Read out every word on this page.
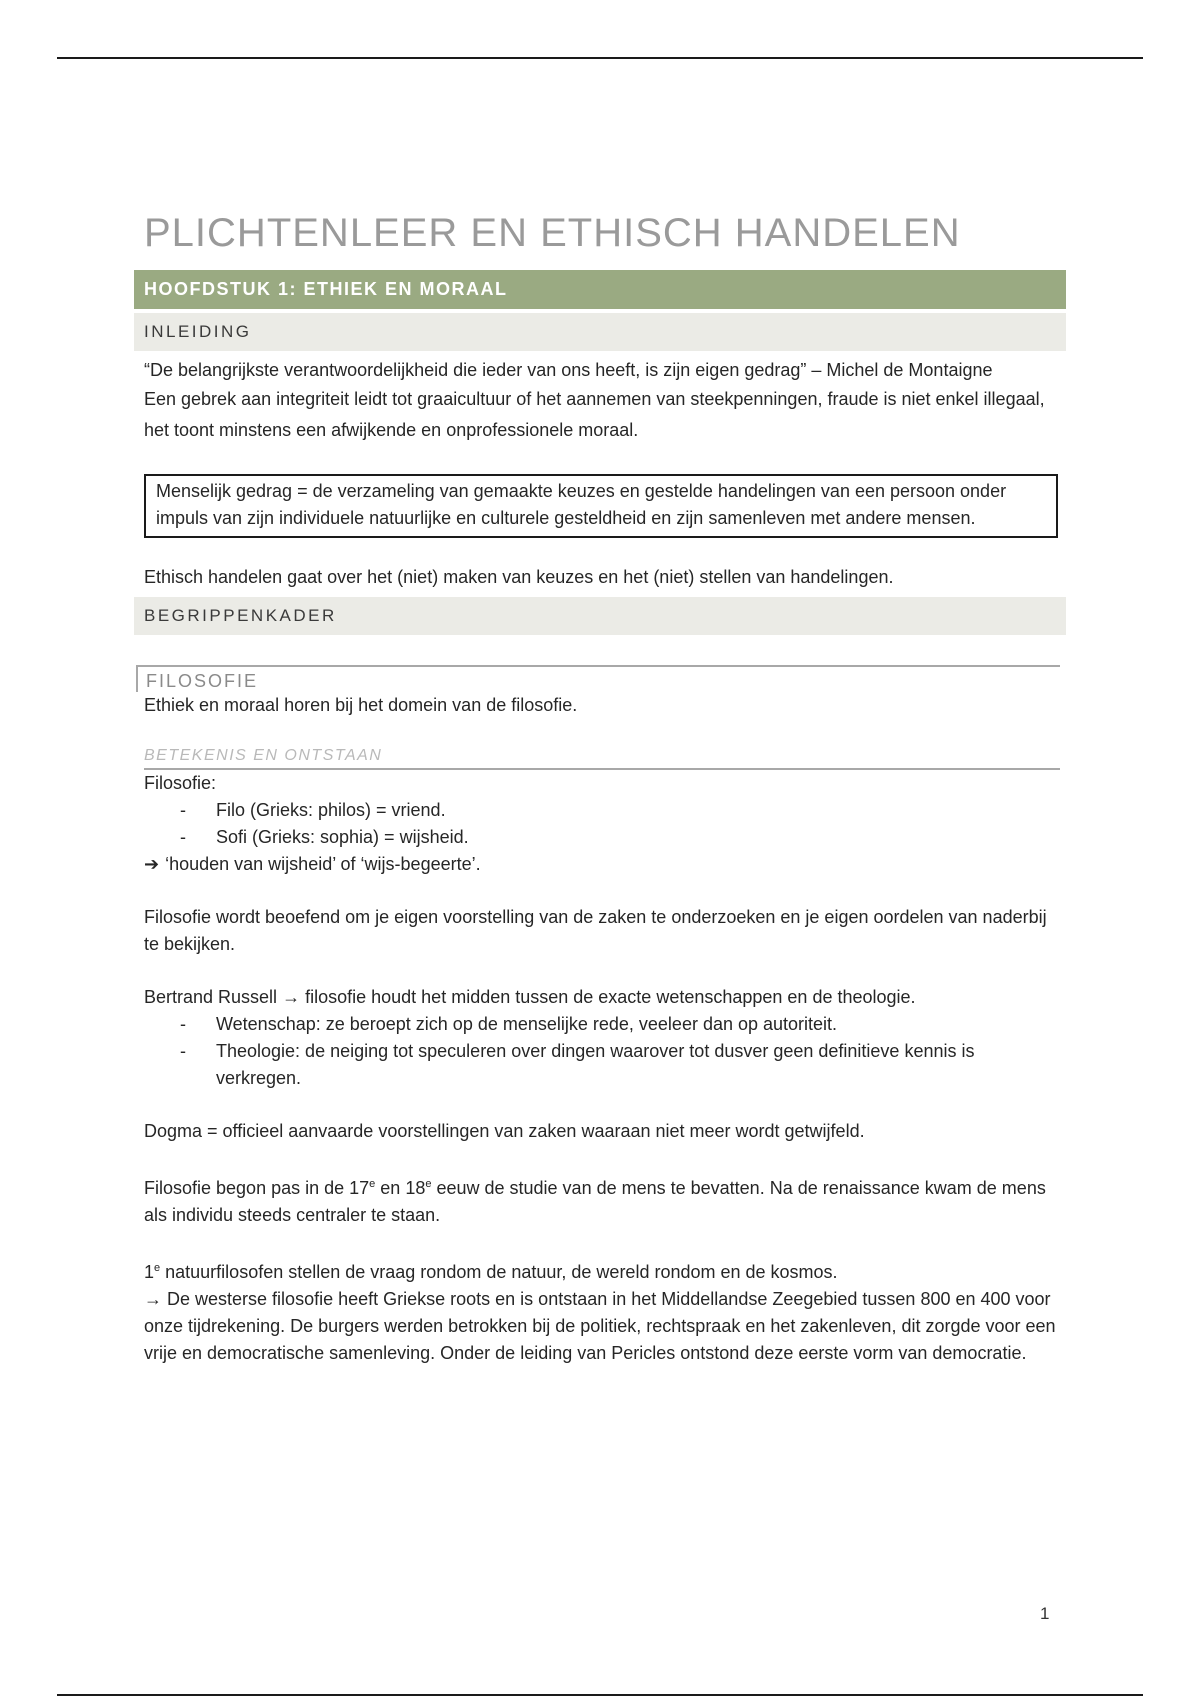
PLICHTENLEER EN ETHISCH HANDELEN
HOOFDSTUK 1: ETHIEK EN MORAAL
INLEIDING
“De belangrijkste verantwoordelijkheid die ieder van ons heeft, is zijn eigen gedrag” – Michel de Montaigne
Een gebrek aan integriteit leidt tot graaicultuur of het aannemen van steekpenningen, fraude is niet enkel illegaal, het toont minstens een afwijkende en onprofessionele moraal.
Menselijk gedrag = de verzameling van gemaakte keuzes en gestelde handelingen van een persoon onder impuls van zijn individuele natuurlijke en culturele gesteldheid en zijn samenleven met andere mensen.
Ethisch handelen gaat over het (niet) maken van keuzes en het (niet) stellen van handelingen.
BEGRIPPENKADER
FILOSOFIE
Ethiek en moraal horen bij het domein van de filosofie.
BETEKENIS EN ONTSTAAN
Filosofie:
- Filo (Grieks: philos) = vriend.
- Sofi (Grieks: sophia) = wijsheid.
➔ ‘houden van wijsheid’ of ‘wijs-begeerte’.
Filosofie wordt beoefend om je eigen voorstelling van de zaken te onderzoeken en je eigen oordelen van naderbij te bekijken.
Bertrand Russell → filosofie houdt het midden tussen de exacte wetenschappen en de theologie.
- Wetenschap: ze beroept zich op de menselijke rede, veeleer dan op autoriteit.
- Theologie: de neiging tot speculeren over dingen waarover tot dusver geen definitieve kennis is verkregen.
Dogma = officieel aanvaarde voorstellingen van zaken waaraan niet meer wordt getwijfeld.
Filosofie begon pas in de 17e en 18e eeuw de studie van de mens te bevatten. Na de renaissance kwam de mens als individu steeds centraler te staan.
1e natuurfilosofen stellen de vraag rondom de natuur, de wereld rondom en de kosmos.
→ De westerse filosofie heeft Griekse roots en is ontstaan in het Middellandse Zeegebied tussen 800 en 400 voor onze tijdrekening. De burgers werden betrokken bij de politiek, rechtspraak en het zakenleven, dit zorgde voor een vrije en democratische samenleving. Onder de leiding van Pericles ontstond deze eerste vorm van democratie.
1
